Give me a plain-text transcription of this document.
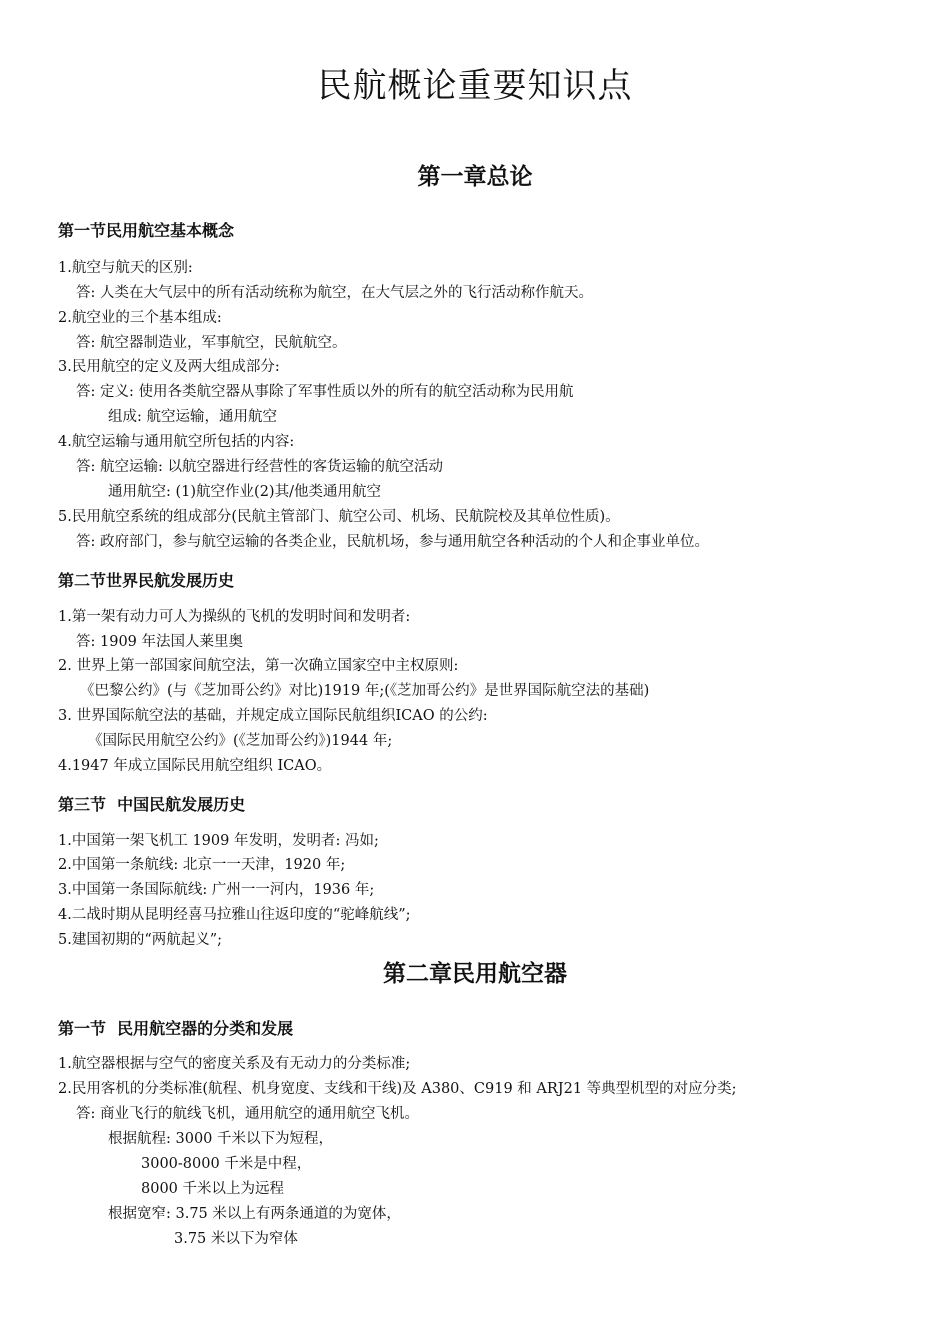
民航概论重要知识点
第一章总论
第一节民用航空基本概念

1.航空与航天的区别:

答: 人类在大气层中的所有活动统称为航空，在大气层之外的飞行活动称作航天。

2.航空业的三个基本组成:

答: 航空器制造业，军事航空，民航航空。

3.民用航空的定义及两大组成部分:

答: 定义: 使用各类航空器从事除了军事性质以外的所有的航空活动称为民用航

组成: 航空运输，通用航空

4.航空运输与通用航空所包括的内容:

答: 航空运输: 以航空器进行经营性的客货运输的航空活动

通用航空: (1)航空作业(2)其/他类通用航空

5.民用航空系统的组成部分(民航主管部门、航空公司、机场、民航院校及其单位性质)。

答: 政府部门，参与航空运输的各类企业，民航机场，参与通用航空各种活动的个人和企事业单位。

第二节世界民航发展历史

1.第一架有动力可人为操纵的飞机的发明时间和发明者:

答: 1909 年法国人莱里奥

2. 世界上第一部国家间航空法，第一次确立国家空中主权原则:

《巴黎公约》(与《芝加哥公约》对比)1919 年;(《芝加哥公约》是世界国际航空法的基础)

3. 世界国际航空法的基础，并规定成立国际民航组织ICAO 的公约:

《国际民用航空公约》(《芝加哥公约》)1944 年;

4.1947 年成立国际民用航空组织 ICAO。

第三节  中国民航发展历史

1.中国第一架飞机工 1909 年发明，发明者: 冯如;

2.中国第一条航线: 北京一一天津，1920 年;

3.中国第一条国际航线: 广州一一河内，1936 年;

4.二战时期从昆明经喜马拉雅山往返印度的“驼峰航线”;

5.建国初期的“两航起义”;

第二章民用航空器
第一节  民用航空器的分类和发展

1.航空器根据与空气的密度关系及有无动力的分类标准;

2.民用客机的分类标准(航程、机身宽度、支线和干线)及 A380、C919 和 ARJ21 等典型机型的对应分类;

答: 商业飞行的航线飞机，通用航空的通用航空飞机。

根据航程: 3000 千米以下为短程，

3000-8000 千米是中程，

8000 千米以上为远程

根据宽窄: 3.75 米以上有两条通道的为宽体，

3.75 米以下为窄体
